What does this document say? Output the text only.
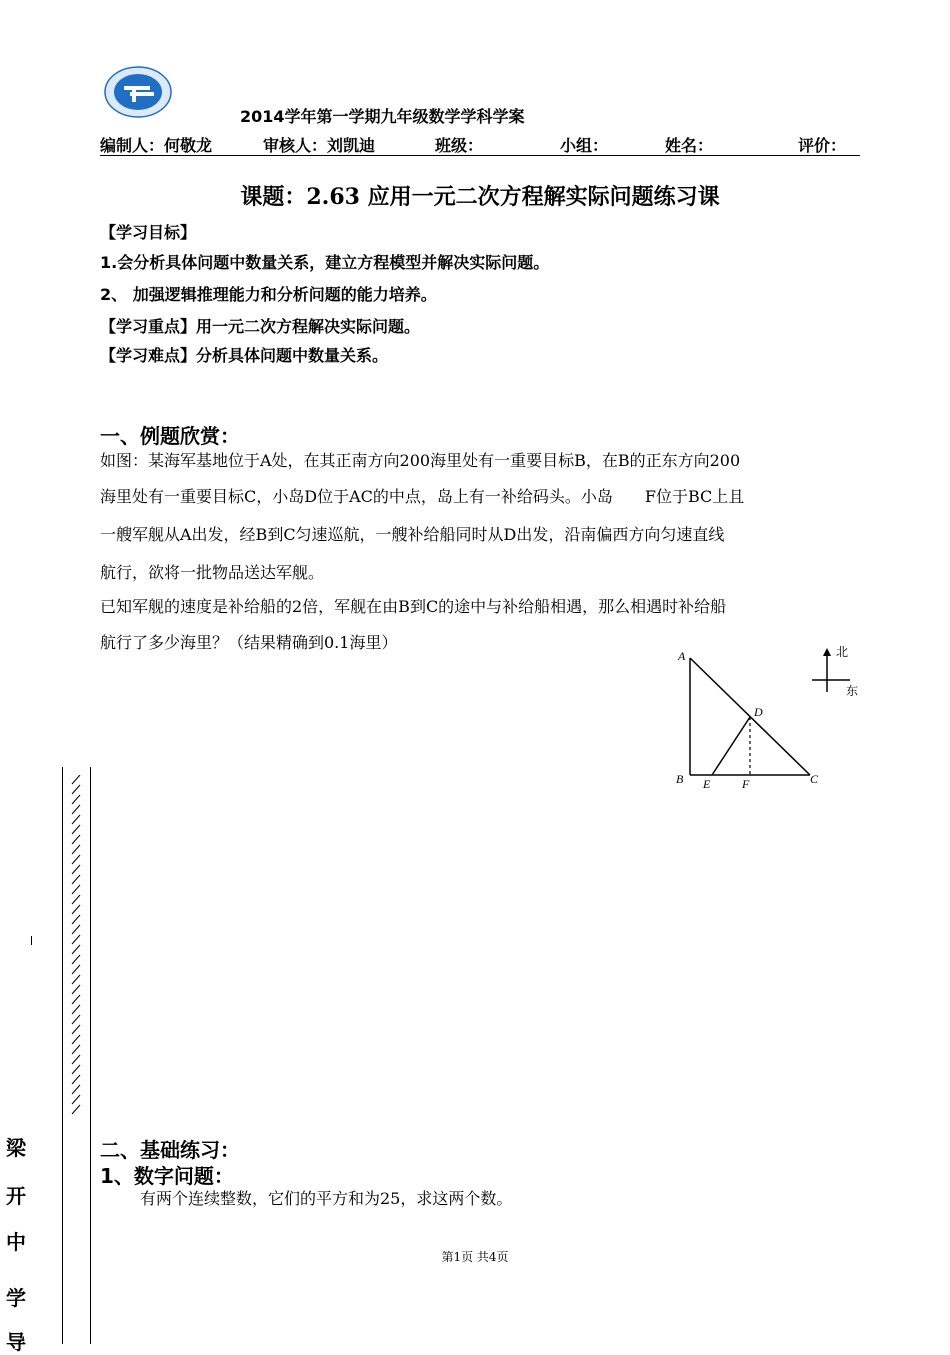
2014学年第一学期九年级数学学科学案
编制人：何敬龙	审核人：刘凯迪	班级：	小组：	姓名：	评价：
课题：2.63 应用一元二次方程解实际问题练习课
【学习目标】
1.会分析具体问题中数量关系，建立方程模型并解决实际问题。
2、 加强逻辑推理能力和分析问题的能力培养。
【学习重点】用一元二次方程解决实际问题。
【学习难点】分析具体问题中数量关系。
一、例题欣赏：
如图：某海军基地位于A处，在其正南方向200海里处有一重要目标B，在B的正东方向200
海里处有一重要目标C，小岛D位于AC的中点，岛上有一补给码头。小岛　　F位于BC上且
一艘军舰从A出发，经B到C匀速巡航，一艘补给船同时从D出发，沿南偏西方向匀速直线
航行，欲将一批物品送达军舰。
已知军舰的速度是补给船的2倍，军舰在由B到C的途中与补给船相遇，那么相遇时补给船
航行了多少海里？（结果精确到0.1海里）
A
B	C
D
E	F
北
东
梁
开
中
学
导
二、基础练习：
1、数字问题：
有两个连续整数，它们的平方和为25，求这两个数。
第1页 共4页
